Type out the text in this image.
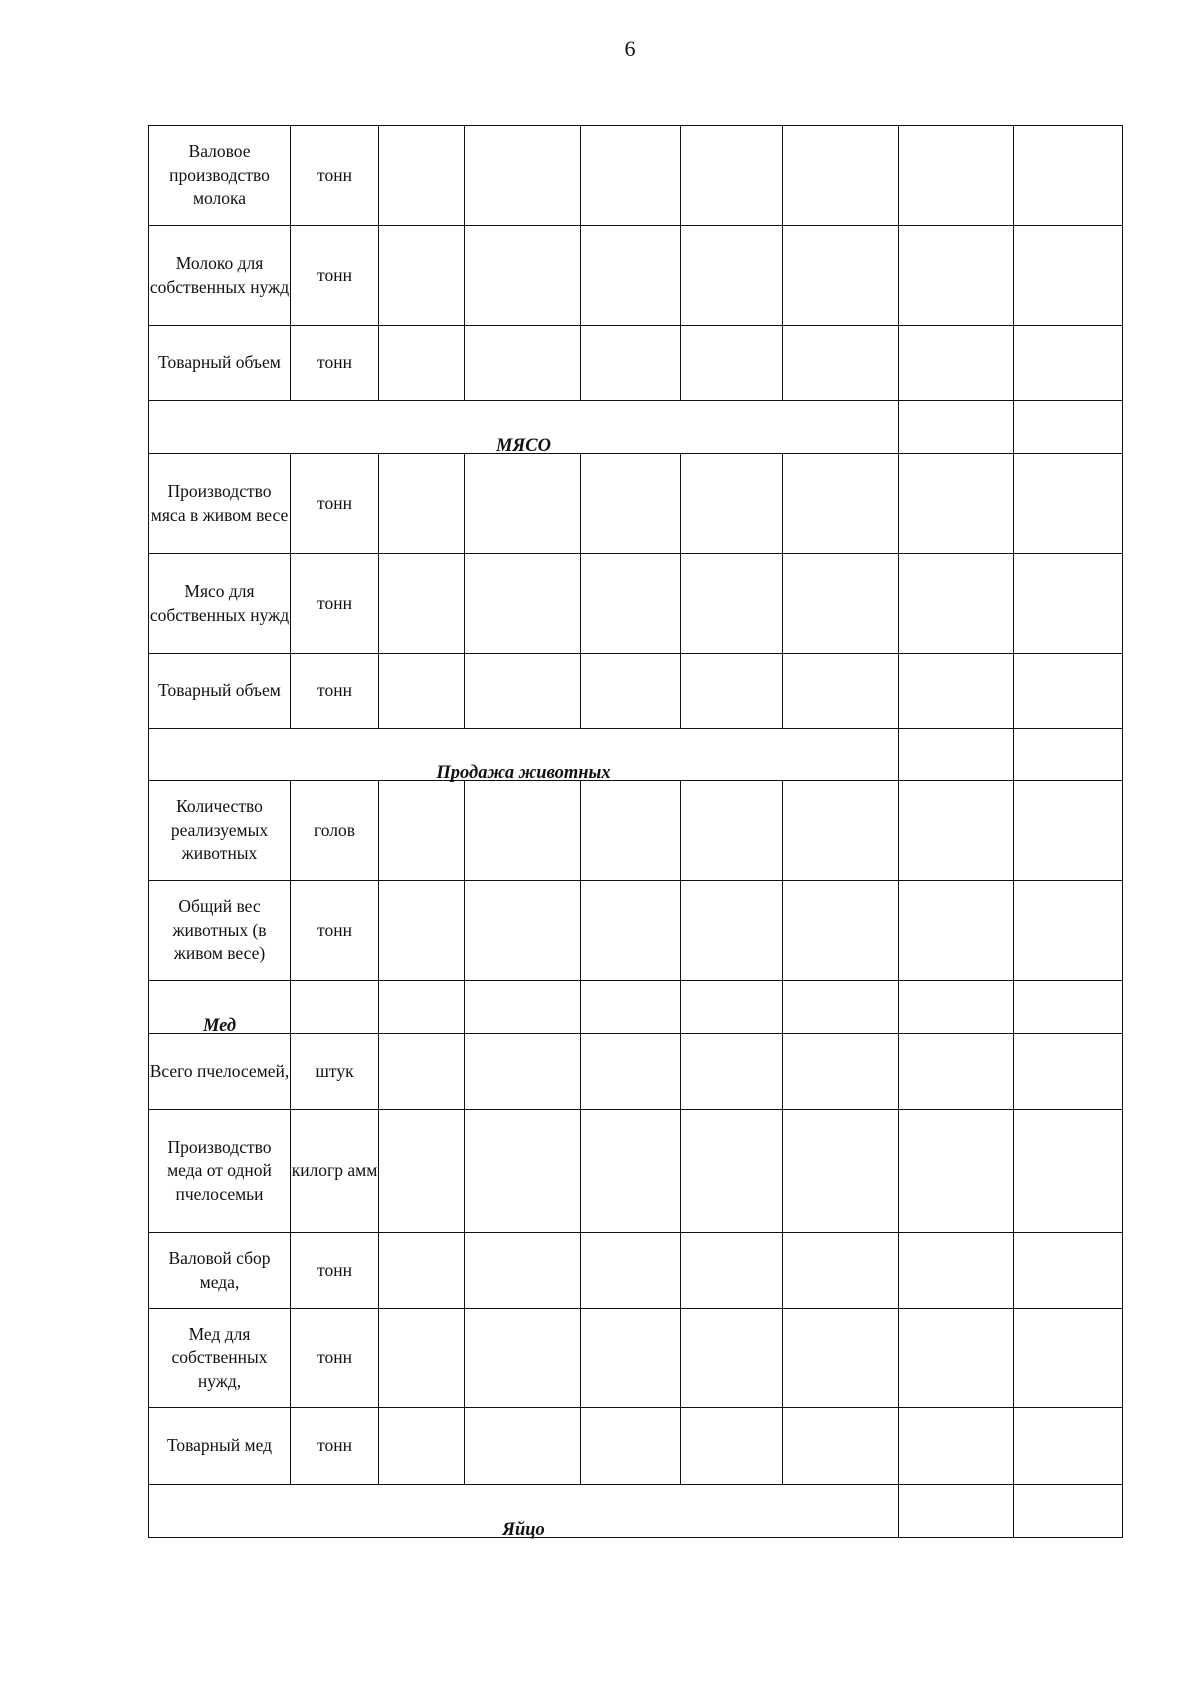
6
Валовое производство молока	тонн							
Молоко для собственных нужд	тонн							
Товарный объем	тонн							
МЯСО								
Производство мяса в живом весе	тонн							
Мясо для собственных нужд	тонн							
Товарный объем	тонн							
Продажа животных								
Количество реализуемых животных	голов							
Общий вес животных (в живом весе)	тонн							
Мед								
Всего пчелосемей,	штук							
Производство меда от одной пчелосемьи	килогр амм							
Валовой сбор меда,	тонн							
Мед для собственных нужд,	тонн							
Товарный мед	тонн							
Яйцо								
